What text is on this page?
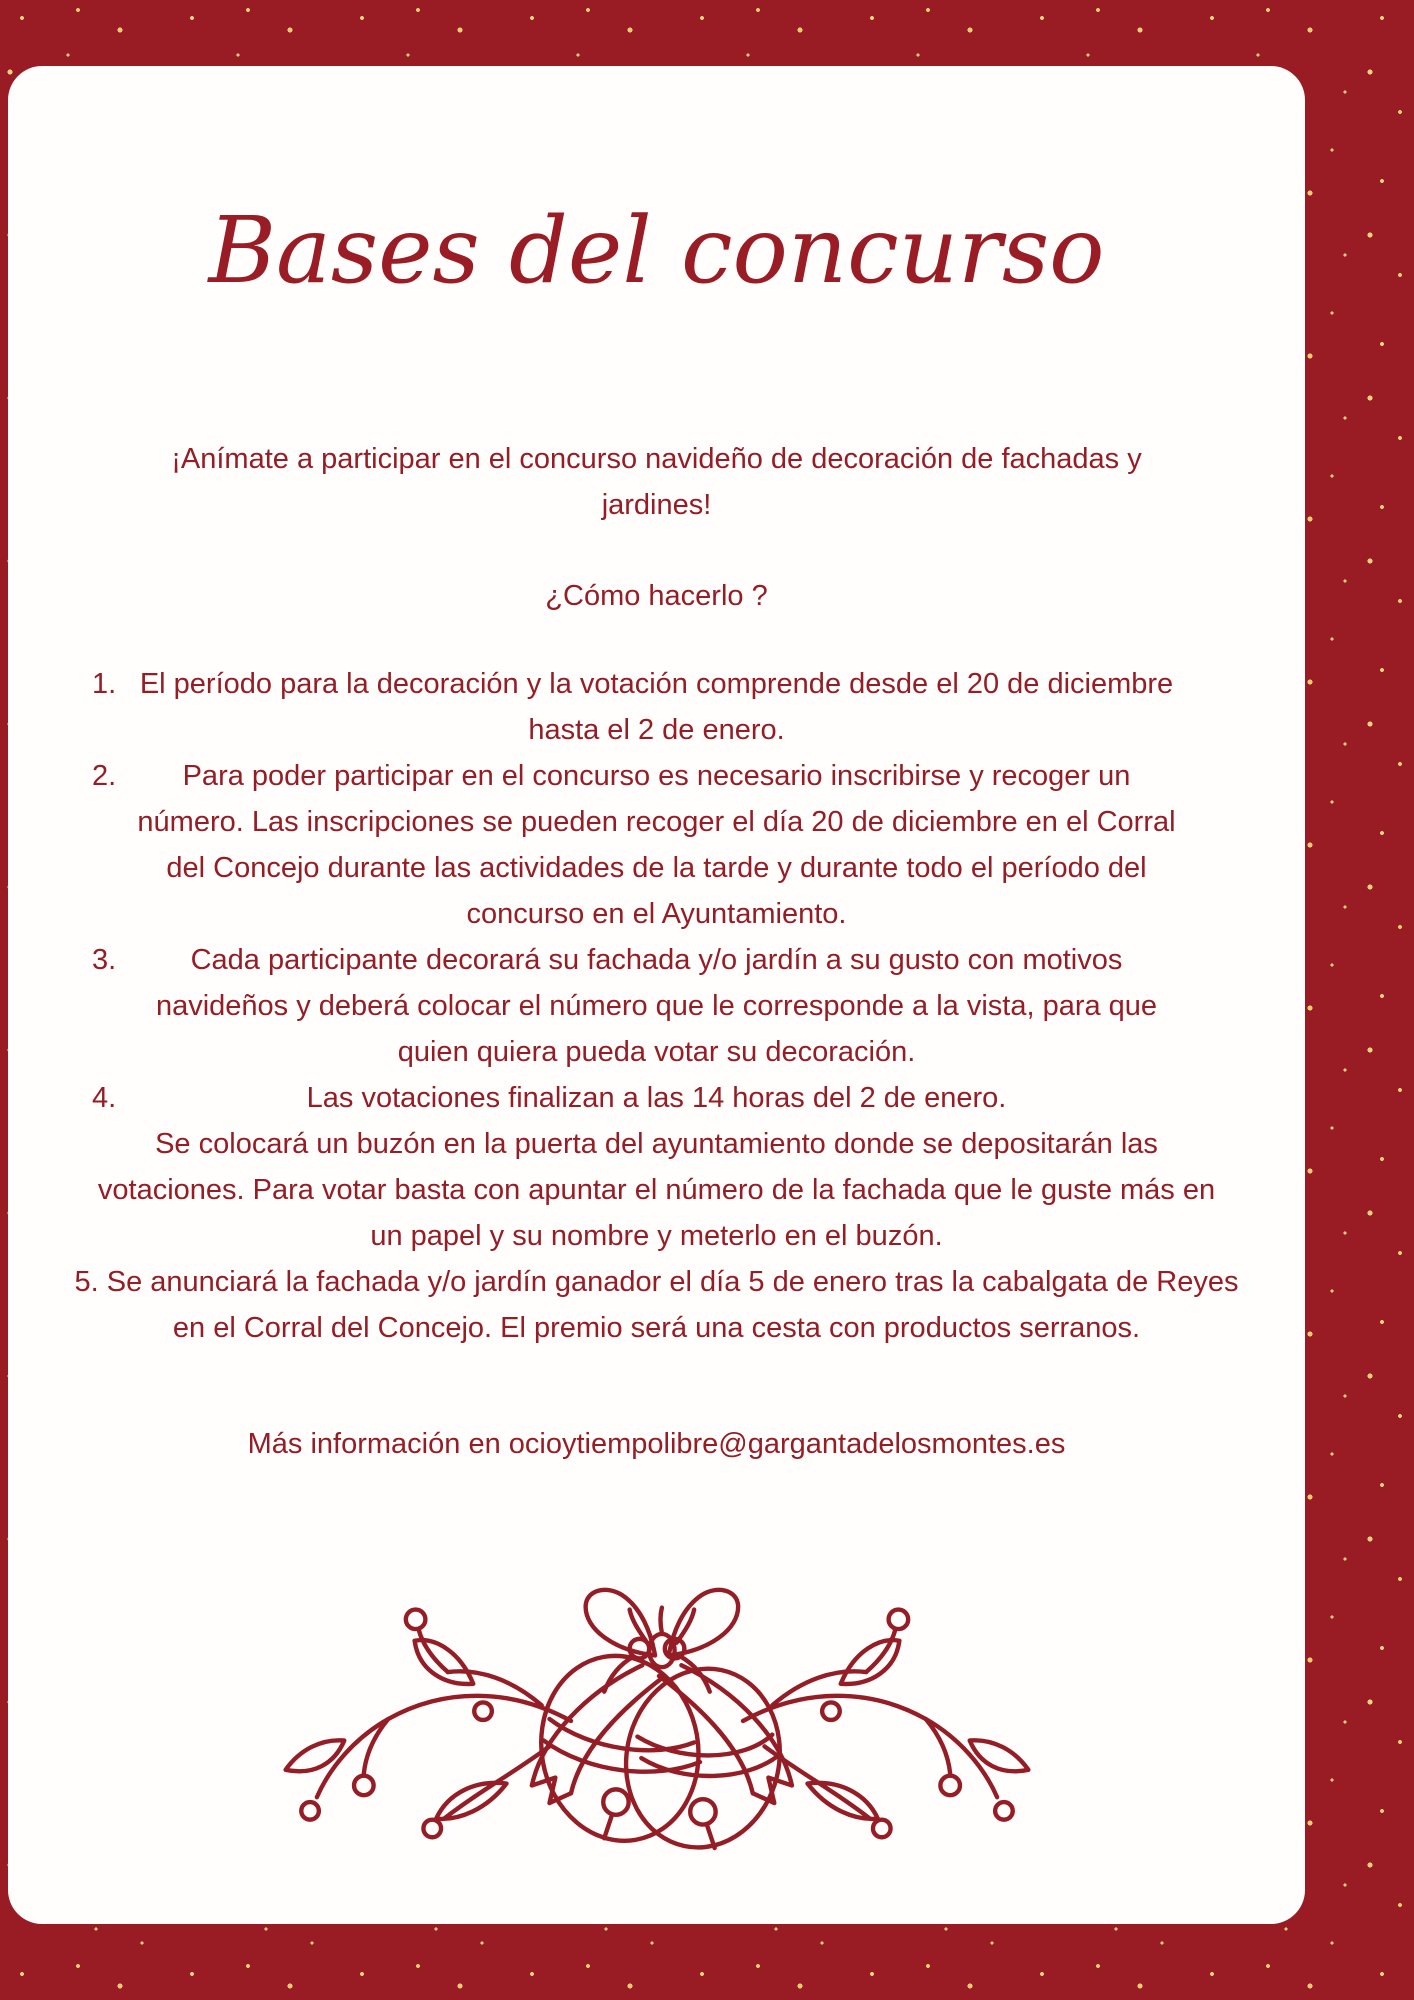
Bases del concurso

¡Anímate a participar en el concurso navideño de decoración de fachadas y jardines!

¿Cómo hacerlo ?

1. El período para la decoración y la votación comprende desde el 20 de diciembre hasta el 2 de enero.

2.	Para poder participar en el concurso es necesario inscribirse y recoger un número. Las inscripciones se pueden recoger el día 20 de diciembre en el Corral del Concejo durante las actividades de la tarde y durante todo el período del concurso en el Ayuntamiento.

3.	Cada participante decorará su fachada y/o jardín a su gusto con motivos navideños y deberá colocar el número que le corresponde a la vista, para que quien quiera pueda votar su decoración.

4.	Las votaciones finalizan a las 14 horas del 2 de enero.

Se colocará un buzón en la puerta del ayuntamiento donde se depositarán las votaciones. Para votar basta con apuntar el número de la fachada que le guste más en un papel y su nombre y meterlo en el buzón.

5. Se anunciará la fachada y/o jardín ganador el día 5 de enero tras la cabalgata de Reyes en el Corral del Concejo. El premio será una cesta con productos serranos.

Más información en ocioytiempolibre@gargantadelosmontes.es
